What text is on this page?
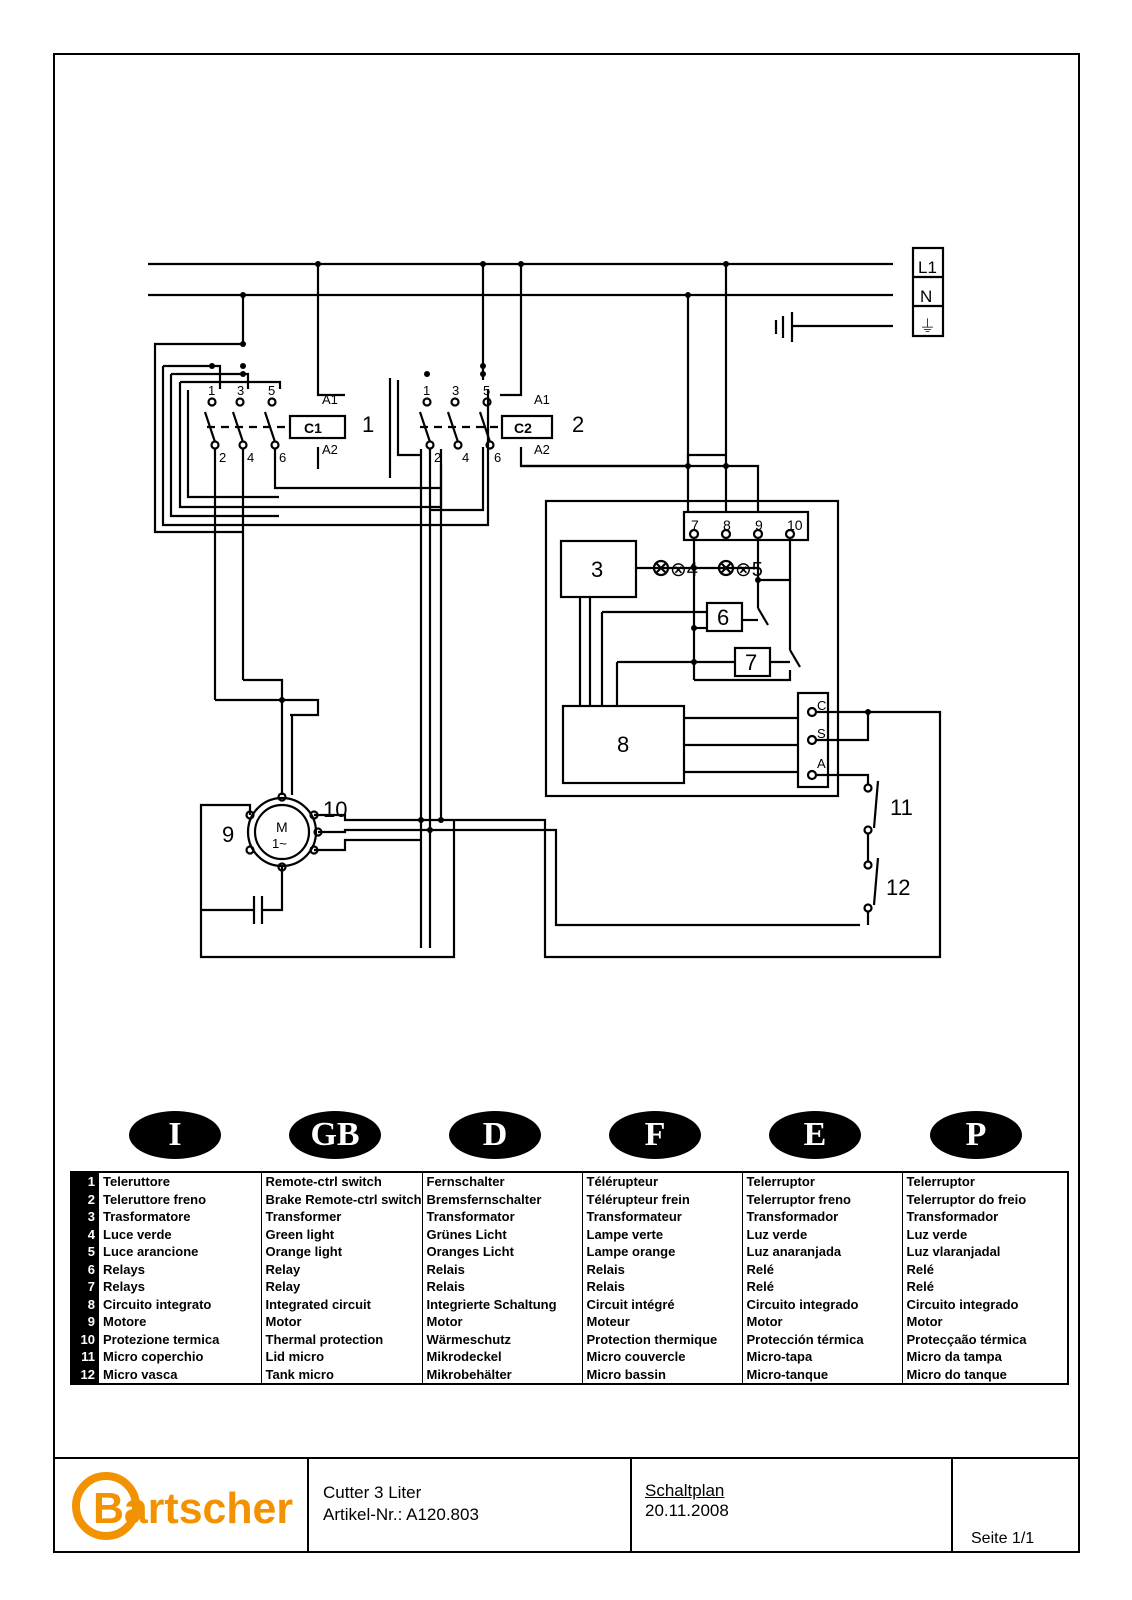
L1
N
⏚
1 3 5
2 4 6
C1
A1
A2
1
1 3 5
2 4 6
C2
A1
A2
2
7 8 9 10
3	⊗4 ⊗5
6
7
8
C
S
A
9	M
1~
10	11
12
I	GB	D	F	E	P
1	Teleruttore	Remote-ctrl switch	Fernschalter	Télérupteur	Telerruptor	Telerruptor
2	Teleruttore freno	Brake Remote-ctrl switch	Bremsfernschalter	Télérupteur frein	Telerruptor freno	Telerruptor do freio
3	Trasformatore	Transformer	Transformator	Transformateur	Transformador	Transformador
4	Luce verde	Green light	Grünes Licht	Lampe verte	Luz verde	Luz verde
5	Luce arancione	Orange light	Oranges Licht	Lampe orange	Luz anaranjada	Luz vlaranjadal
6	Relays	Relay	Relais	Relais	Relé	Relé
7	Relays	Relay	Relais	Relais	Relé	Relé
8	Circuito integrato	Integrated circuit	Integrierte Schaltung	Circuit intégré	Circuito integrado	Circuito integrado
9	Motore	Motor	Motor	Moteur	Motor	Motor
10	Protezione termica	Thermal protection	Wärmeschutz	Protection thermique	Protección térmica	Protecçaão térmica
11	Micro coperchio	Lid micro	Mikrodeckel	Micro couvercle	Micro-tapa	Micro da tampa
12	Micro vasca	Tank micro	Mikrobehälter	Micro bassin	Micro-tanque	Micro do tanque
Bartscher Cutter 3 Liter
Artikel-Nr.: A120.803
Schaltplan
20.11.2008
Seite 1/1
